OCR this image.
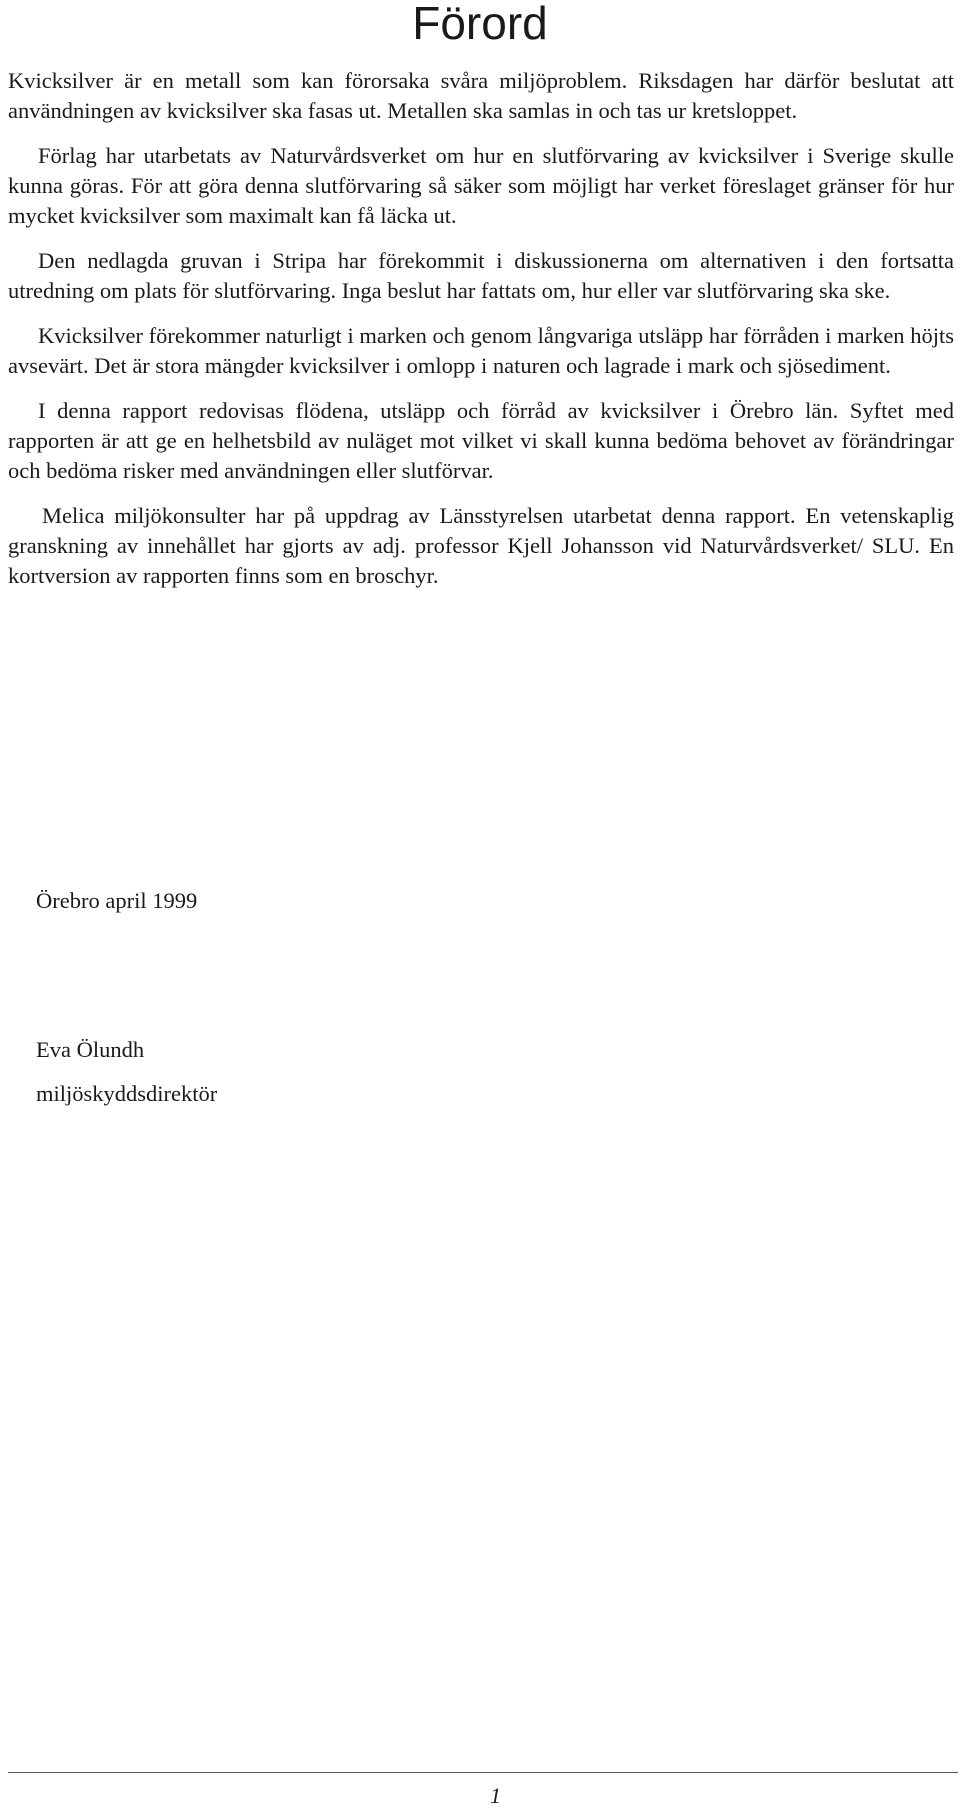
Förord

Kvicksilver är en metall som kan förorsaka svåra miljöproblem. Riksdagen har därför beslutat att användningen av kvicksilver ska fasas ut. Metallen ska samlas in och tas ur kretsloppet.

Förlag har utarbetats av Naturvårdsverket om hur en slutförvaring av kvicksilver i Sverige skulle kunna göras. För att göra denna slutförvaring så säker som möjligt har verket föreslaget gränser för hur mycket kvicksilver som maximalt kan få läcka ut.

Den nedlagda gruvan i Stripa har förekommit i diskussionerna om alternativen i den fortsatta utredning om plats för slutförvaring. Inga beslut har fattats om, hur eller var slutförvaring ska ske.

Kvicksilver förekommer naturligt i marken och genom långvariga utsläpp har förråden i marken höjts avsevärt. Det är stora mängder kvicksilver i omlopp i naturen och lagrade i mark och sjösediment.

I denna rapport redovisas flödena, utsläpp och förråd av kvicksilver i Örebro län. Syftet med rapporten är att ge en helhetsbild av nuläget mot vilket vi skall kunna bedöma behovet av förändringar och bedöma risker med användningen eller slutförvar.

Melica miljökonsulter har på uppdrag av Länsstyrelsen utarbetat denna rapport. En vetenskaplig granskning av innehållet har gjorts av adj. professor Kjell Johansson vid Naturvårdsverket/ SLU. En kortversion av rapporten finns som en broschyr.

Örebro april 1999

Eva Ölundh

miljöskyddsdirektör

1
